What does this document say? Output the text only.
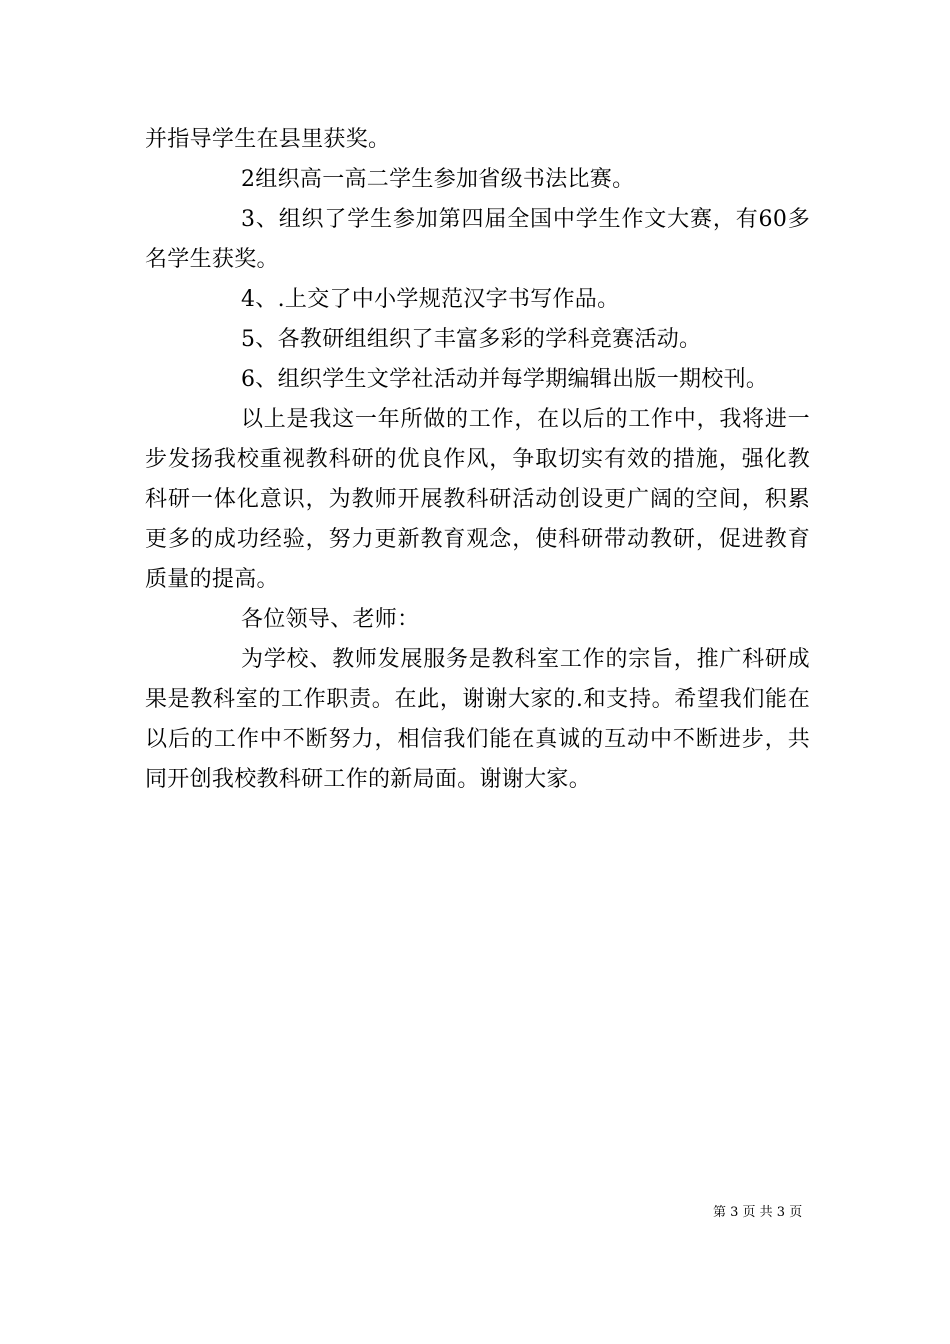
并指导学生在县里获奖。

2组织高一高二学生参加省级书法比赛。

3、组织了学生参加第四届全国中学生作文大赛，有60多名学生获奖。

4、.上交了中小学规范汉字书写作品。

5、各教研组组织了丰富多彩的学科竞赛活动。

6、组织学生文学社活动并每学期编辑出版一期校刊。

以上是我这一年所做的工作，在以后的工作中，我将进一步发扬我校重视教科研的优良作风，争取切实有效的措施，强化教科研一体化意识，为教师开展教科研活动创设更广阔的空间，积累更多的成功经验，努力更新教育观念，使科研带动教研，促进教育质量的提高。

各位领导、老师：

为学校、教师发展服务是教科室工作的宗旨，推广科研成果是教科室的工作职责。在此，谢谢大家的.和支持。希望我们能在以后的工作中不断努力，相信我们能在真诚的互动中不断进步，共同开创我校教科研工作的新局面。谢谢大家。

第 3 页 共 3 页
